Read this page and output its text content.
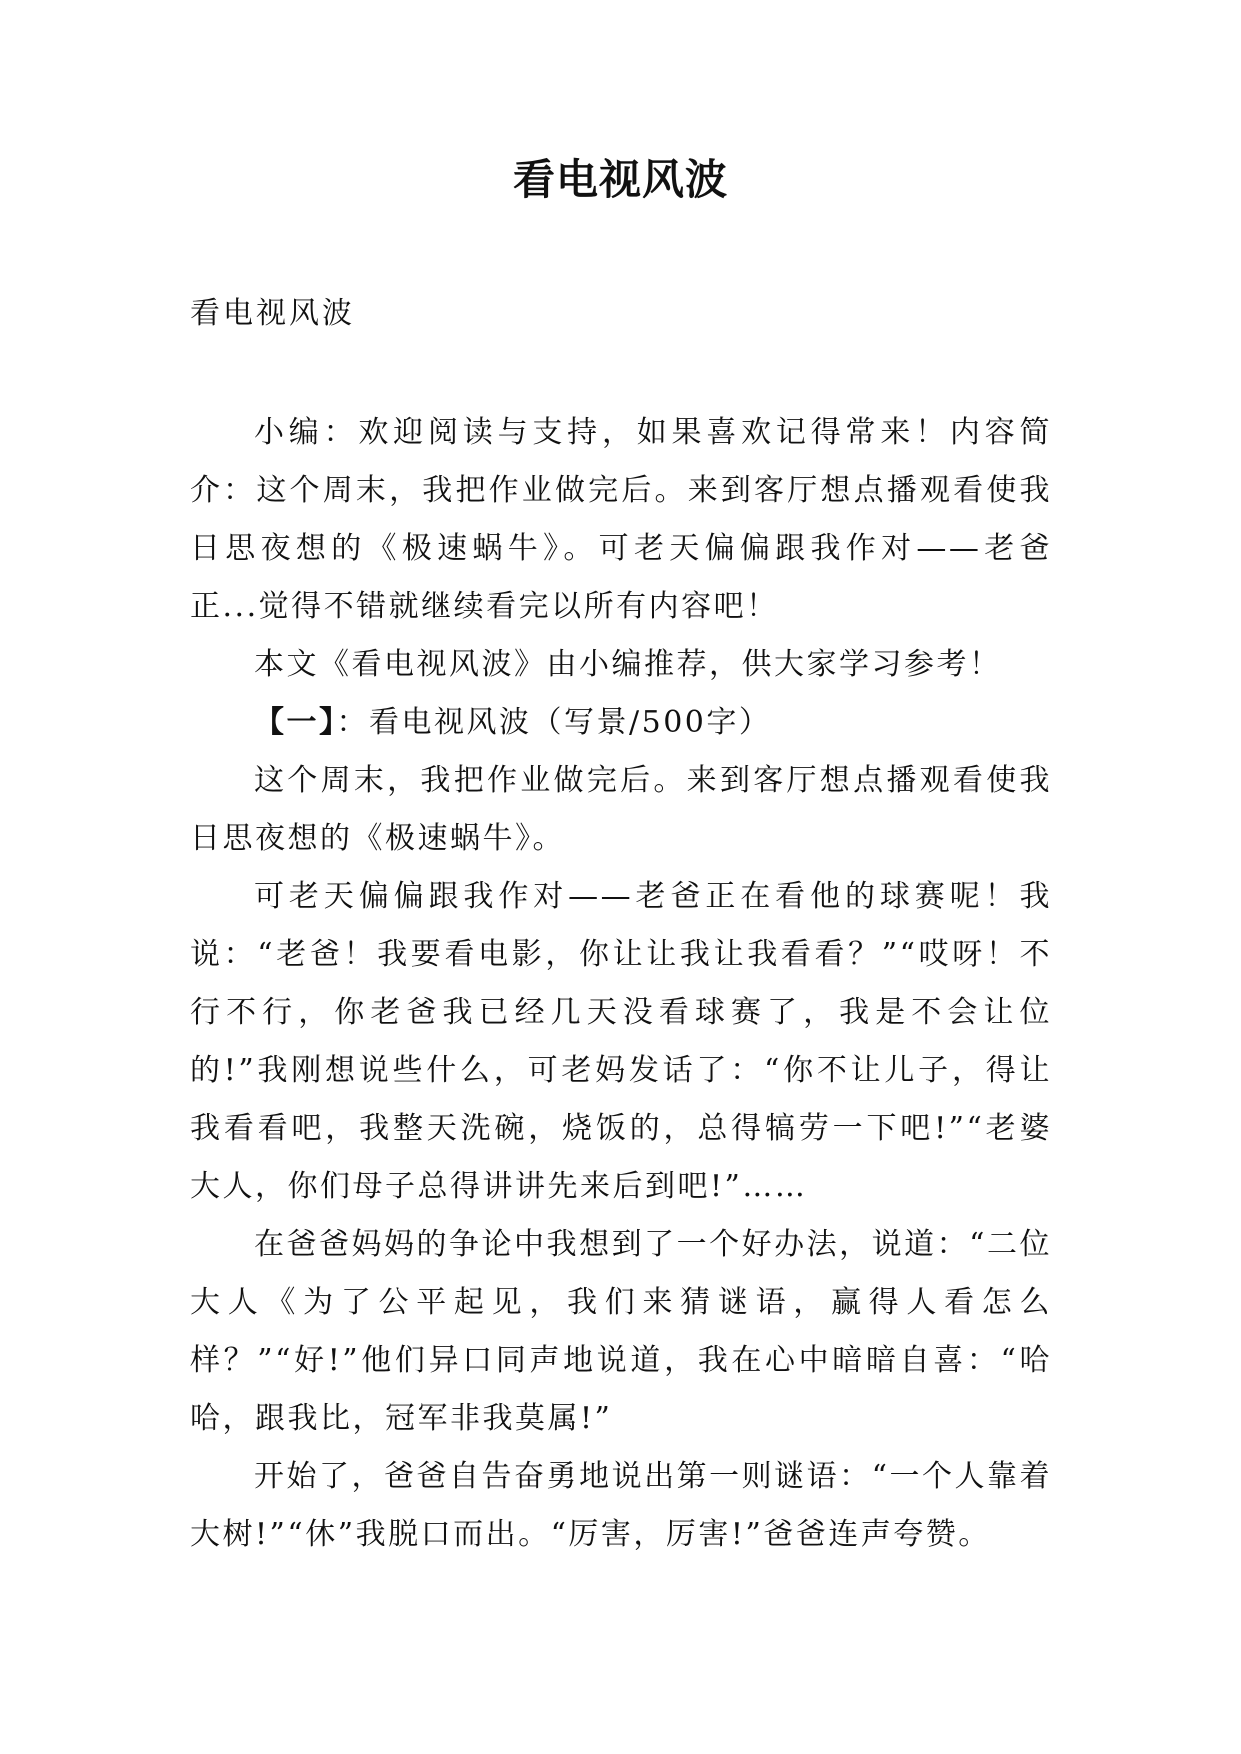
看电视风波
看电视风波

小编：欢迎阅读与支持，如果喜欢记得常来！内容简介：这个周末，我把作业做完后。来到客厅想点播观看使我日思夜想的《极速蜗牛》。可老天偏偏跟我作对——老爸正...觉得不错就继续看完以所有内容吧！

本文《看电视风波》由小编推荐，供大家学习参考！

【一】：看电视风波（写景/500字）

这个周末，我把作业做完后。来到客厅想点播观看使我日思夜想的《极速蜗牛》。

可老天偏偏跟我作对——老爸正在看他的球赛呢！我说：“老爸！我要看电影，你让让我让我看看？”“哎呀！不行不行，你老爸我已经几天没看球赛了，我是不会让位的!”我刚想说些什么，可老妈发话了：“你不让儿子，得让我看看吧，我整天洗碗，烧饭的，总得犒劳一下吧!”“老婆大人，你们母子总得讲讲先来后到吧!”……

在爸爸妈妈的争论中我想到了一个好办法，说道：“二位大人《为了公平起见，我们来猜谜语，赢得人看怎么样？”“好!”他们异口同声地说道，我在心中暗暗自喜：“哈哈，跟我比，冠军非我莫属!”

开始了，爸爸自告奋勇地说出第一则谜语：“一个人靠着大树!”“休”我脱口而出。“厉害，厉害!”爸爸连声夸赞。
